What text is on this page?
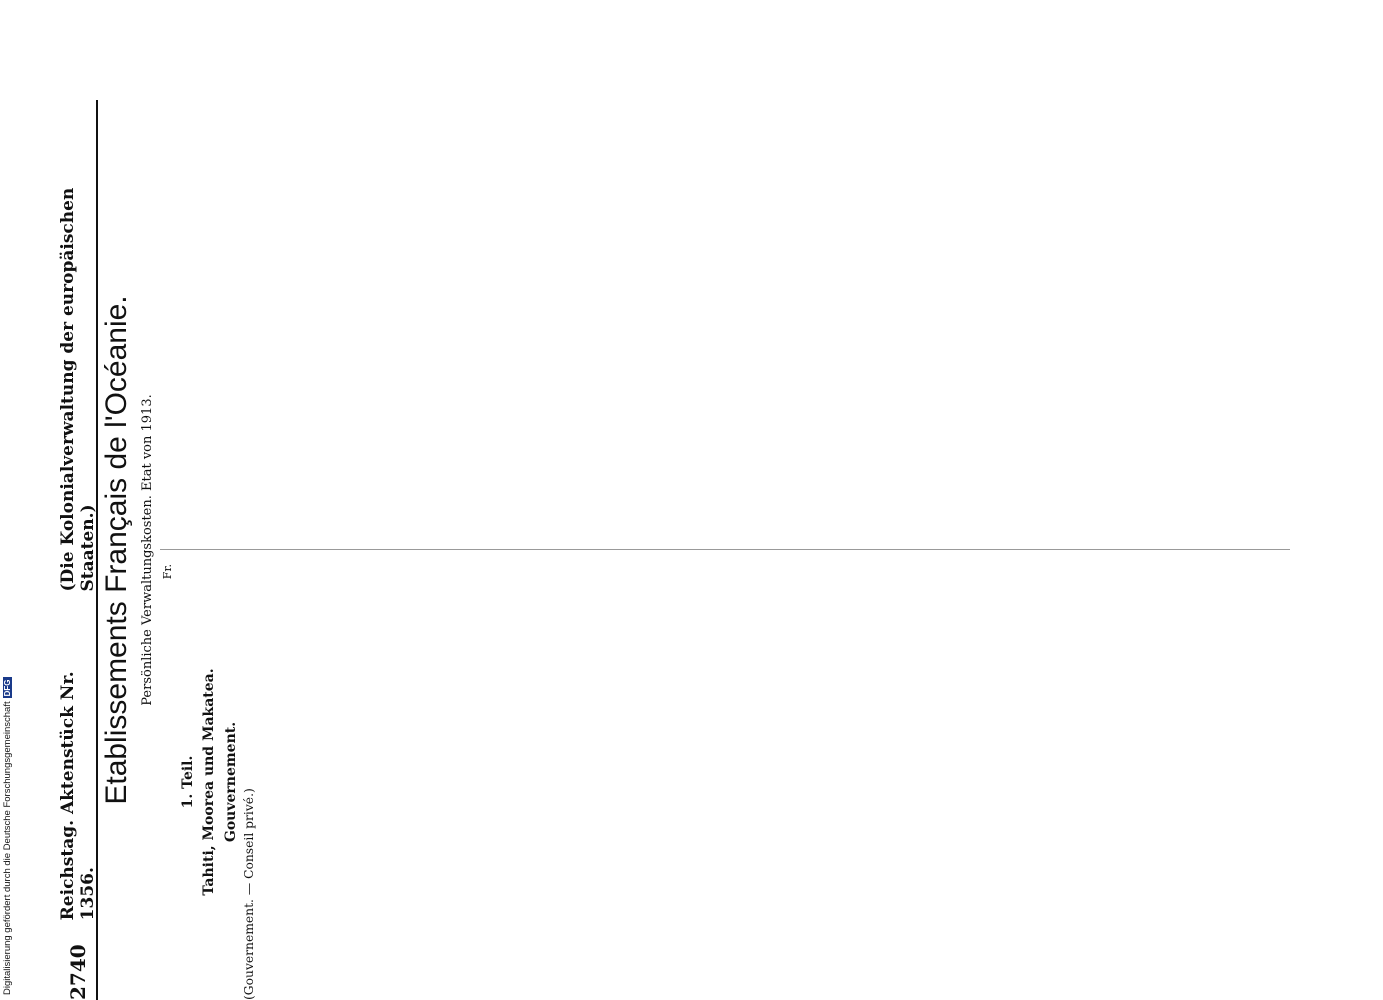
2740
Reichstag. Aktenstück Nr. 1356.
(Die Kolonialverwaltung der europäischen Staaten.) Etablissements Français de l'Océanie. Persönliche Verwaltungskosten. Etat von 1913. Fr.
1. Teil. Tahiti, Moorea und Makatea. Gouvernement.
(Gouvernement. — Conseil privé.)
Digitalisierung gefördert durch die Deutsche ForschungsgemeinschaftDFG
